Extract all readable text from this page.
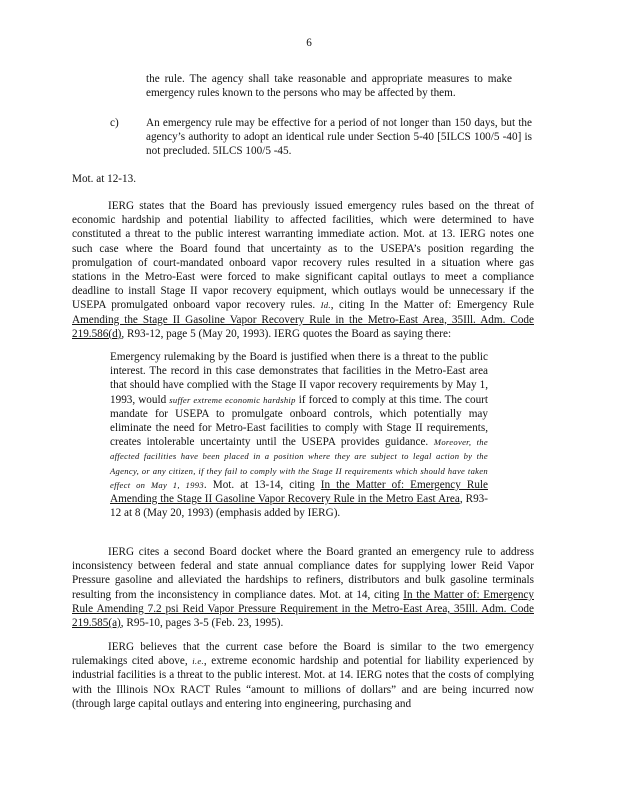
6

the rule. The agency shall take reasonable and appropriate measures to make

emergency rules known to the persons who may be affected by them.

c) An emergency rule may be effective for a period of not longer than 150 days, but the agency’s authority to adopt an identical rule under Section 5-40 [5ILCS 100/5 -40] is not precluded. 5ILCS 100/5 -45.

Mot. at 12-13.

IERG states that the Board has previously issued emergency rules based on the threat of economic hardship and potential liability to affected facilities, which were determined to have constituted a threat to the public interest warranting immediate action. Mot. at 13. IERG notes one such case where the Board found that uncertainty as to the USEPA’s position regarding the promulgation of court-mandated onboard vapor recovery rules resulted in a situation where gas stations in the Metro-East were forced to make significant capital outlays to meet a compliance deadline to install Stage II vapor recovery equipment, which outlays would be unnecessary if the USEPA promulgated onboard vapor recovery rules. Id., citing In the Matter of: Emergency Rule Amending the Stage II Gasoline Vapor Recovery Rule in the Metro-East Area, 35Ill. Adm. Code 219.586(d), R93-12, page 5 (May 20, 1993). IERG quotes the Board as saying there:

Emergency rulemaking by the Board is justified when there is a threat to the public interest. The record in this case demonstrates that facilities in the Metro-East area that should have complied with the Stage II vapor recovery requirements by May 1, 1993, would suffer extreme economic hardship if forced to comply at this time. The court mandate for USEPA to promulgate onboard controls, which potentially may eliminate the need for Metro-East facilities to comply with Stage II requirements, creates intolerable uncertainty until the USEPA provides guidance. Moreover, the affected facilities have been placed in a position where they are subject to legal action by the Agency, or any citizen, if they fail to comply with the Stage II requirements which should have taken effect on May 1, 1993. Mot. at 13-14, citing In the Matter of: Emergency Rule Amending the Stage II Gasoline Vapor Recovery Rule in the Metro East Area, R93-12 at 8 (May 20, 1993) (emphasis added by IERG).

IERG cites a second Board docket where the Board granted an emergency rule to address inconsistency between federal and state annual compliance dates for supplying lower Reid Vapor Pressure gasoline and alleviated the hardships to refiners, distributors and bulk gasoline terminals resulting from the inconsistency in compliance dates. Mot. at 14, citing In the Matter of: Emergency Rule Amending 7.2 psi Reid Vapor Pressure Requirement in the Metro-East Area, 35Ill. Adm. Code 219.585(a), R95-10, pages 3-5 (Feb. 23, 1995).

IERG believes that the current case before the Board is similar to the two emergency rulemakings cited above, i.e., extreme economic hardship and potential for liability experienced by industrial facilities is a threat to the public interest. Mot. at 14. IERG notes that the costs of complying with the Illinois NOx RACT Rules “amount to millions of dollars” and are being incurred now (through large capital outlays and entering into engineering, purchasing and
